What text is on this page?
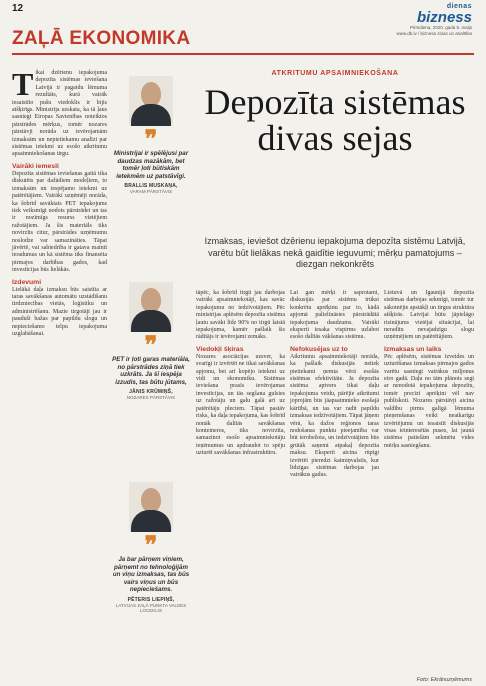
12	dienas
bizness
Pirmdiena, 2020. gada 5. maijs
www.db.lv / biznesa ziņas un analītika
ZAĻĀ EKONOMIKA

Tikai dzērienu iepakojuma depozīta sistēmas ieviešana Latvijā ir pagaidu lēmuma rezultāts, kurā vairāk iesaistīto pušu viedoklis ir bijis atšķirīgs. Ministrija uzskata, ka tā ļaus sasniegt Eiropas Savienības noteiktos pārstrādes mērķus, tomēr nozares pārstāvji norāda uz ievērojamām izmaksām un nepietiekamu analīzi par sistēmas ietekmi uz esošo atkritumu apsaimniekošanas tirgu.

Vairāki iemesli

Depozīta sistēmas ieviešanas gaitā tika diskutēts par dažādiem modeļiem, to izmaksām un iespējamo ietekmi uz patērētājiem. Vairāki uzņēmēji norāda, ka šobrīd savāktais PET iepakojums tiek veiksmīgi nodots pārstrādei un tas ir nozīmīgs resurss vietējiem ražotājiem. Ja šis materiāls tiks novirzīts citur, pārstrādes uzņēmumu noslodze var samazināties. Tāpat jāvērtē, vai sabiedrība ir gatava mainīt ieradumus un kā sistēma tiks finansēta pirmajos darbības gados, kad investīcijas būs lielākās.

Izdevumi

Lielākā daļa izmaksu būs saistīta ar taras savākšanas automātu uzstādīšanu tirdzniecības vietās, loģistiku un administrēšanu. Mazie tirgotāji jau ir pauduši bažas par papildu slogu un nepieciešamo telpu iepakojuma uzglabāšanai.

❞
Ministrijai ir spēlējusi par daudzas mazākām, bet tomēr ļoti būtiskām ietekmēm uz patstāvīgi.
BRALLIS MUSKAŅA,
VARAM PĀRSTĀVIS
❞
PET ir ļoti garas materiāla, no pārstrādes ziņā tiek uzkrāts. Ja šī iespēja izzudis, tas būtu jūtams,
JĀNIS KRŪMIŅŠ,
NOZARES PĀRSTĀVIS
❞
Ja bar pārņem viņiem, pārņemt no tehnoloģijām un viņu izmaksas, tas būs vairs viņus un būs nepieciešams.
PĒTERIS LIEPIŅŠ,
LATVIJAS ZAĻĀ PUNKTA VALDES LOCEKLIS
ATKRITUMU APSAIMNIEKOŠANA
Depozīta sistēmas divas sejas
Izmaksas, ieviešot dzērienu iepakojuma depozīta sistēmu Latvijā, varētu būt lielākas nekā gaidītie ieguvumi; mērķu pamatojums – diezgan nekonkrēts

tāpēc, ka šobrīd tirgū jau darbojas vairāki apsaimniekotāji, kas savāc iepakojumu no iedzīvotājiem. Pēc ministrijas aplēsēm depozīta sistēma ļautu savākt līdz 90% no tirgū laistā iepakojuma, kamēr pašlaik šis rādītājs ir ievērojami zemāks.

Viedokļi šķiras

Nozares asociācijas uzsver, ka svarīgi ir izvērtēt ne tikai savākšanas apjomu, bet arī kopējo ietekmi uz vidi un ekonomiku. Sistēmas ieviešana prasīs ievērojamas investīcijas, un tās segšana gulsies uz ražotāju un galu galā arī uz patērētāju pleciem. Tāpat pastāv risks, ka daļa iepakojuma, kas šobrīd nonāk dalītās savākšanas konteineros, tiks novirzīta, samazinot esošo apsaimniekotāju ieņēmumus un apdraudot to spēju uzturēt savākšanas infrastruktūru.

Lai gan mērķi ir saprotami, diskusijās par sistēmu trūkst konkrētu aprēķinu par to, kādā apjomā palielināsies pārstrādātā iepakojuma daudzums. Vairāki eksperti iesaka vispirms uzlabot esošo dalītās vākšanas sistēmu.

Nefokusējas uz to

Atkritumu apsaimniekotāji norāda, ka pašlaik diskusijās netiek pietiekami ņemta vērā esošās sistēmas efektivitāte. Ja depozīta sistēma aptvers tikai daļu iepakojuma veidu, pārējie atkritumi joprojām būs jāapsaimnieko esošajā kārtībā, un tas var radīt papildu izmaksas iedzīvotājiem. Tāpat jāņem vērā, ka dažos reģionos taras nodošanas punktu pieejamība var būt ierobežota, un iedzīvotājiem būs grūtāk saņemt atpakaļ depozīta maksu. Eksperti aicina rūpīgi izvērtēt pieredzi kaimiņvalstīs, kur līdzīgas sistēmas darbojas jau vairākus gadus.

Lietuvā un Igaunijā depozīta sistēmas darbojas sekmīgi, tomēr tur sākotnējie apstākļi un tirgus struktūra atšķīrās. Latvijai būtu jāpielāgo risinājums vietējai situācijai, lai neradītu nevajadzīgu slogu uzņēmējiem un patērētājiem.

Izmaksas un laiks

Pēc aplēsēm, sistēmas izveides un uzturēšanas izmaksas pirmajos gados varētu sasniegt vairākus miljonus eiro gadā. Daļu no tām plānots segt ar nenodotā iepakojuma depozītu, tomēr precīzi aprēķini vēl nav publiskoti. Nozares pārstāvji aicina valdību pirms galīgā lēmuma pieņemšanas veikt neatkarīgu izvērtējumu un iesaistīt diskusijās visas ieinteresētās puses, lai jaunā sistēma patiešām sekmētu vides mērķu sasniegšanu.

Foto: Ekrānuzņēmums
